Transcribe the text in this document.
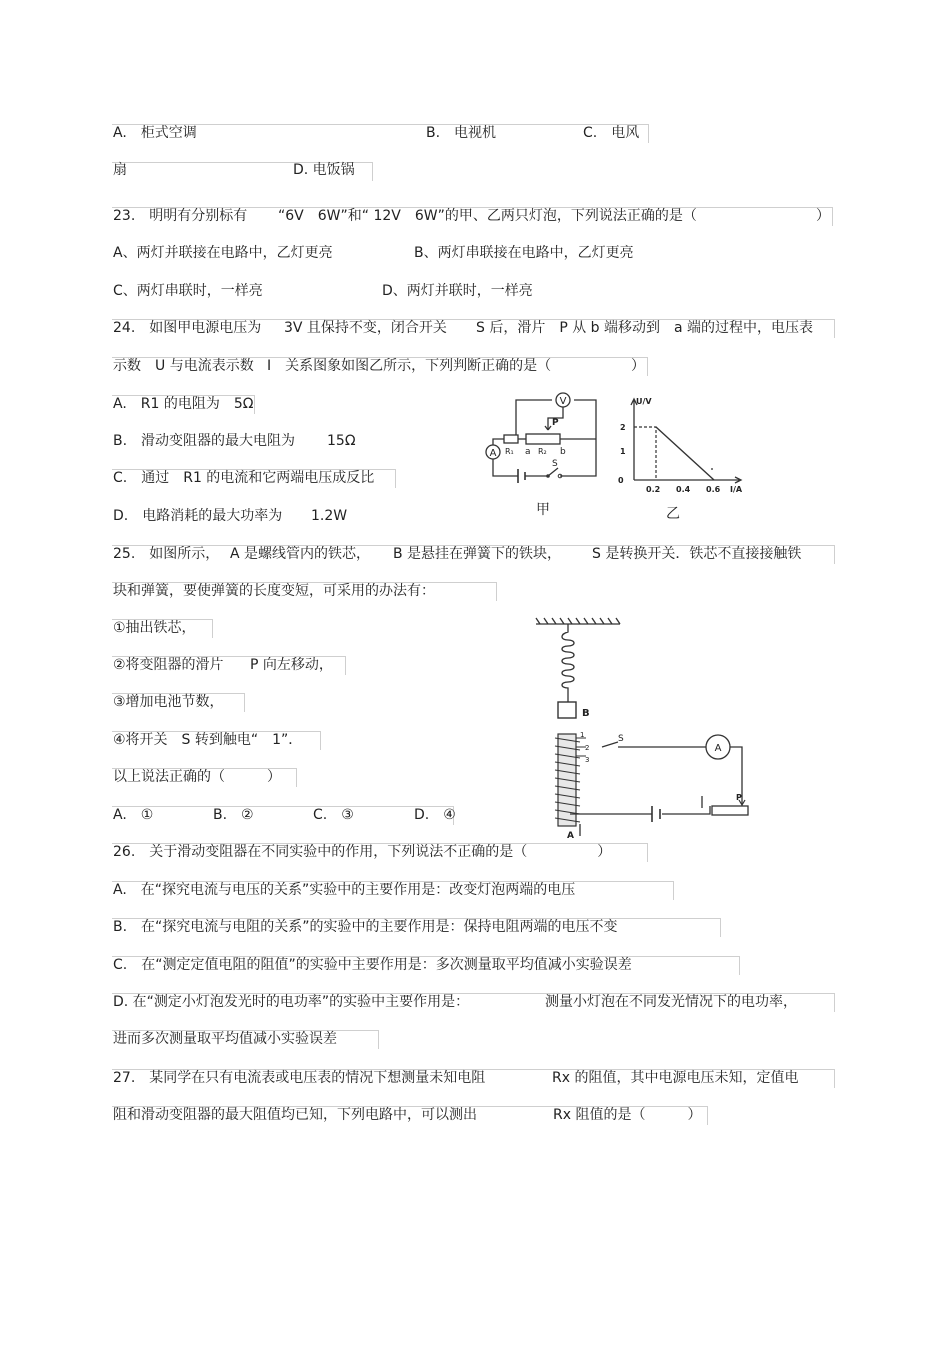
A.　柜式空调	B.　电视机	C.　电风
扇	D. 电饭锅
23.　明明有分别标有 “6V　6W”和“ 12V　6W”的甲、乙两只灯泡，下列说法正确的是（	）
A、两灯并联接在电路中，乙灯更亮	B、两灯串联接在电路中，乙灯更亮
C、两灯串联时，一样亮	D、两灯并联时，一样亮
24.　如图甲电源电压为 3V 且保持不变，闭合开关 S 后，滑片　P 从 b 端移动到　a 端的过程中，电压表
示数　U 与电流表示数 I　关系图象如图乙所示，下列判断正确的是（	）
A.　R1 的电阻为　5Ω
B.　滑动变阻器的最大电阻为 15Ω
C.　通过　R1 的电流和它两端电压成反比
D.　电路消耗的最大功率为 1.2W
V
A
P
R₁	R₂
a	b
S
甲
U/V
I/A
0
2
1
0.2 0.4 0.6
乙
25.　如图所示， A 是螺线管内的铁芯， B 是悬挂在弹簧下的铁块， S 是转换开关．铁芯不直接接触铁
块和弹簧，要使弹簧的长度变短，可采用的办法有：
①抽出铁芯，
②将变阻器的滑片 P 向左移动，
③增加电池节数，
④将开关　S 转到触电“　1”．
以上说法正确的（　　　）
A.　①	B.　②	C.　③	D.　④
B
A
1
2
3
S
A
P
26.　关于滑动变阻器在不同实验中的作用，下列说法不正确的是（　　　　　）
A.　在“探究电流与电压的关系”实验中的主要作用是：改变灯泡两端的电压
B.　在“探究电流与电阻的关系”的实验中的主要作用是：保持电阻两端的电压不变
C.　在“测定定值电阻的阻值”的实验中主要作用是：多次测量取平均值减小实验误差
D. 在“测定小灯泡发光时的电功率”的实验中主要作用是：	测量小灯泡在不同发光情况下的电功率，
进而多次测量取平均值减小实验误差
27.　某同学在只有电流表或电压表的情况下想测量未知电阻	Rx 的阻值，其中电源电压未知，定值电
阻和滑动变阻器的最大阻值均已知，下列电路中，可以测出	Rx 阻值的是（　　　）
